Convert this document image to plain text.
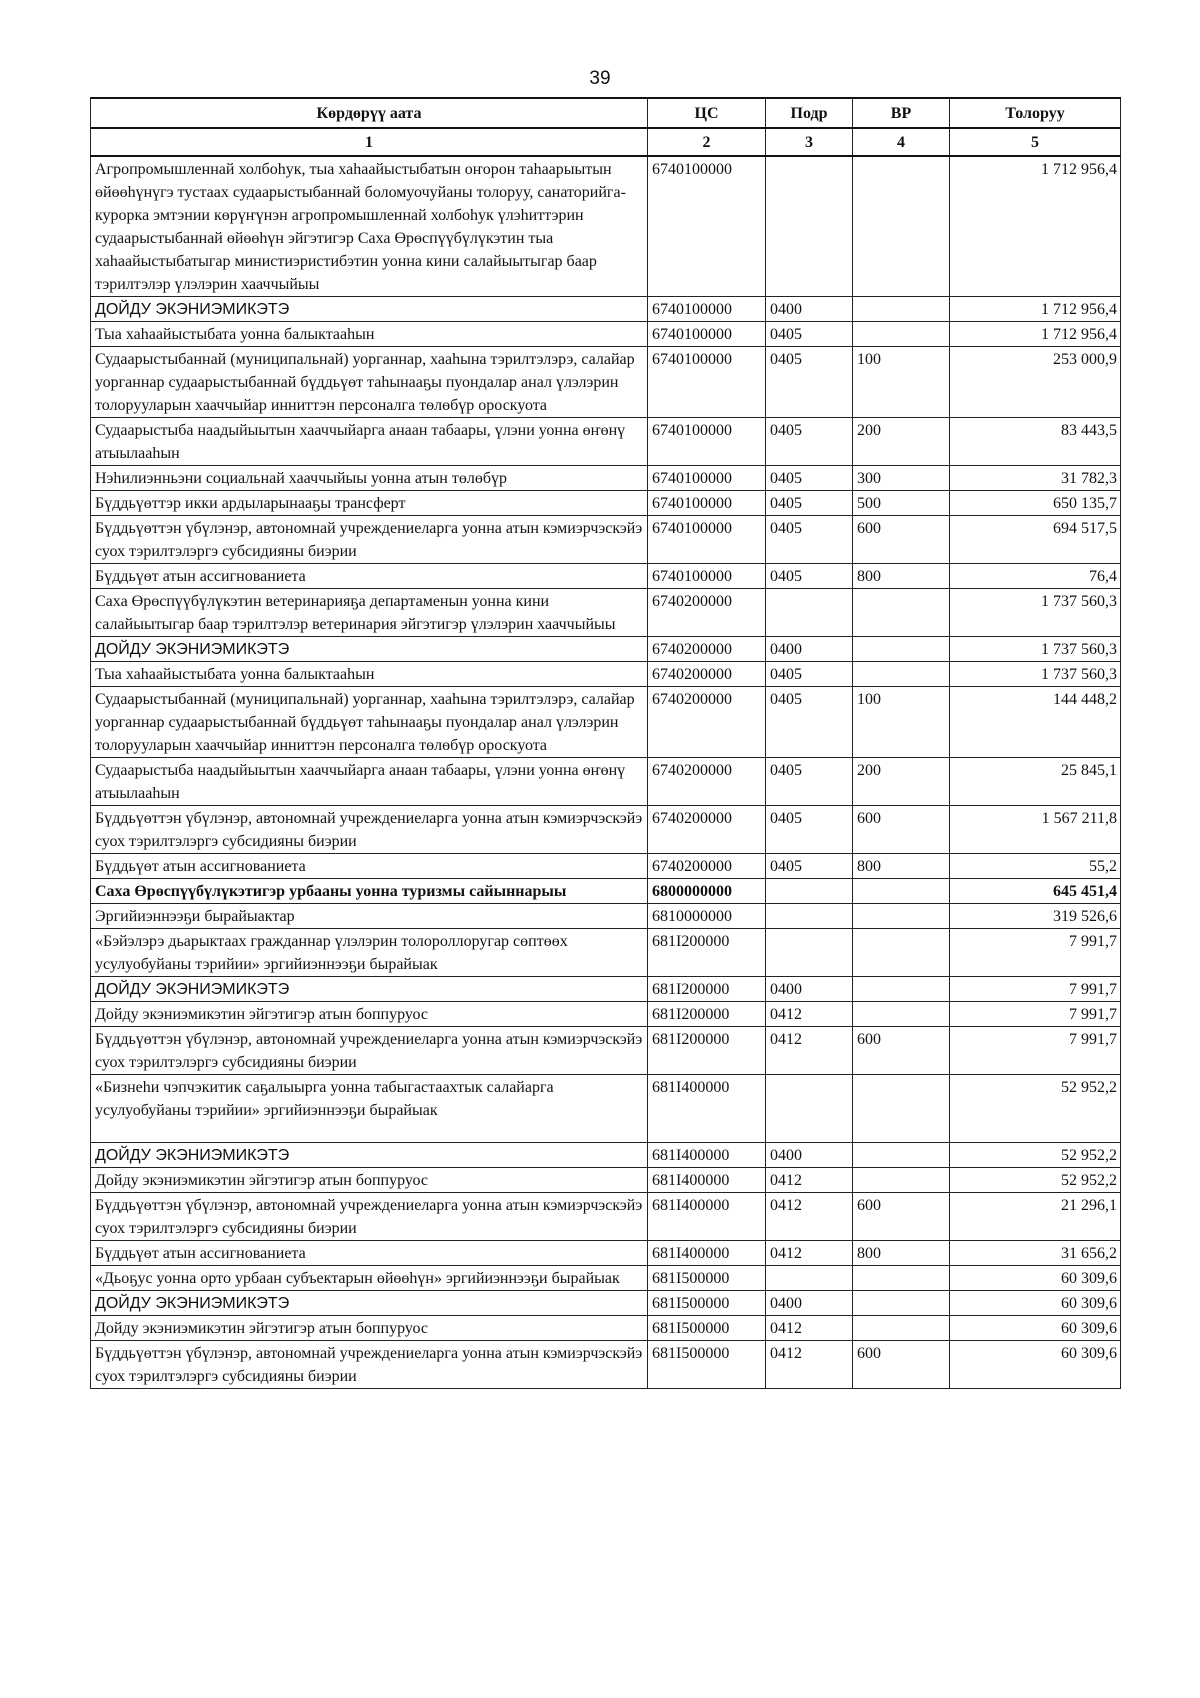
39
Көрдөрүү аата	ЦС	Подр	ВР	Толоруу
1	2	3	4	5
Агропромышленнай холбоһук, тыа хаһаайыстыбатын оҥорон таһаарыытын өйөөһүнүгэ тустаах судаарыстыбаннай боломуочуйаны толоруу, санаторийга-курорка эмтэнии көрүҥүнэн агропромышленнай холбоһук үлэһиттэрин судаарыстыбаннай өйөөһүн эйгэтигэр Саха Өрөспүүбүлүкэтин тыа хаһаайыстыбатыгар министиэристибэтин уонна кини салайыытыгар баар тэрилтэлэр үлэлэрин хааччыйыы	6740100000			1 712 956,4
ДОЙДУ ЭКЭНИЭМИКЭТЭ	6740100000	0400		1 712 956,4
Тыа хаһаайыстыбата уонна балыктааһын	6740100000	0405		1 712 956,4
Судаарыстыбаннай (муниципальнай) уорганнар, хааһына тэрилтэлэрэ, салайар уорганнар судаарыстыбаннай бүддьүөт таһынааҕы пуондалар анал үлэлэрин толорууларын хааччыйар инниттэн персоналга төлөбүр ороскуота	6740100000	0405	100	253 000,9
Судаарыстыба наадыйыытын хааччыйарга анаан табаары, үлэни уонна өҥөнү атыылааһын	6740100000	0405	200	83 443,5
Нэһилиэнньэни социальнай хааччыйыы уонна атын төлөбүр	6740100000	0405	300	31 782,3
Бүддьүөттэр икки ардыларынааҕы трансферт	6740100000	0405	500	650 135,7
Бүддьүөттэн үбүлэнэр, автономнай учреждениеларга уонна атын кэмиэрчэскэйэ суох тэрилтэлэргэ субсидияны биэрии	6740100000	0405	600	694 517,5
Бүддьүөт атын ассигнованиета	6740100000	0405	800	76,4
Саха Өрөспүүбүлүкэтин ветеринарияҕа департаменын уонна кини салайыытыгар баар тэрилтэлэр ветеринария эйгэтигэр үлэлэрин хааччыйыы	6740200000			1 737 560,3
ДОЙДУ ЭКЭНИЭМИКЭТЭ	6740200000	0400		1 737 560,3
Тыа хаһаайыстыбата уонна балыктааһын	6740200000	0405		1 737 560,3
Судаарыстыбаннай (муниципальнай) уорганнар, хааһына тэрилтэлэрэ, салайар уорганнар судаарыстыбаннай бүддьүөт таһынааҕы пуондалар анал үлэлэрин толорууларын хааччыйар инниттэн персоналга төлөбүр ороскуота	6740200000	0405	100	144 448,2
Судаарыстыба наадыйыытын хааччыйарга анаан табаары, үлэни уонна өҥөнү атыылааһын	6740200000	0405	200	25 845,1
Бүддьүөттэн үбүлэнэр, автономнай учреждениеларга уонна атын кэмиэрчэскэйэ суох тэрилтэлэргэ субсидияны биэрии	6740200000	0405	600	1 567 211,8
Бүддьүөт атын ассигнованиета	6740200000	0405	800	55,2
Саха Өрөспүүбүлүкэтигэр урбааны уонна туризмы сайыннарыы	6800000000			645 451,4
Эргийиэннээҕи бырайыактар	6810000000			319 526,6
«Бэйэлэрэ дьарыктаах гражданнар үлэлэрин толороллоругар сөптөөх усулуобуйаны тэрийии» эргийиэннээҕи бырайыак	681I200000			7 991,7
ДОЙДУ ЭКЭНИЭМИКЭТЭ	681I200000	0400		7 991,7
Дойду экэниэмикэтин эйгэтигэр атын боппуруос	681I200000	0412		7 991,7
Бүддьүөттэн үбүлэнэр, автономнай учреждениеларга уонна атын кэмиэрчэскэйэ суох тэрилтэлэргэ субсидияны биэрии	681I200000	0412	600	7 991,7
«Бизнеһи чэпчэкитик саҕалыырга уонна табыгастаахтык салайарга усулуобуйаны тэрийии» эргийиэннээҕи бырайыак	681I400000			52 952,2
ДОЙДУ ЭКЭНИЭМИКЭТЭ	681I400000	0400		52 952,2
Дойду экэниэмикэтин эйгэтигэр атын боппуруос	681I400000	0412		52 952,2
Бүддьүөттэн үбүлэнэр, автономнай учреждениеларга уонна атын кэмиэрчэскэйэ суох тэрилтэлэргэ субсидияны биэрии	681I400000	0412	600	21 296,1
Бүддьүөт атын ассигнованиета	681I400000	0412	800	31 656,2
«Дьоҕус уонна орто урбаан субъектарын өйөөһүн» эргийиэннээҕи бырайыак	681I500000			60 309,6
ДОЙДУ ЭКЭНИЭМИКЭТЭ	681I500000	0400		60 309,6
Дойду экэниэмикэтин эйгэтигэр атын боппуруос	681I500000	0412		60 309,6
Бүддьүөттэн үбүлэнэр, автономнай учреждениеларга уонна атын кэмиэрчэскэйэ суох тэрилтэлэргэ субсидияны биэрии	681I500000	0412	600	60 309,6
